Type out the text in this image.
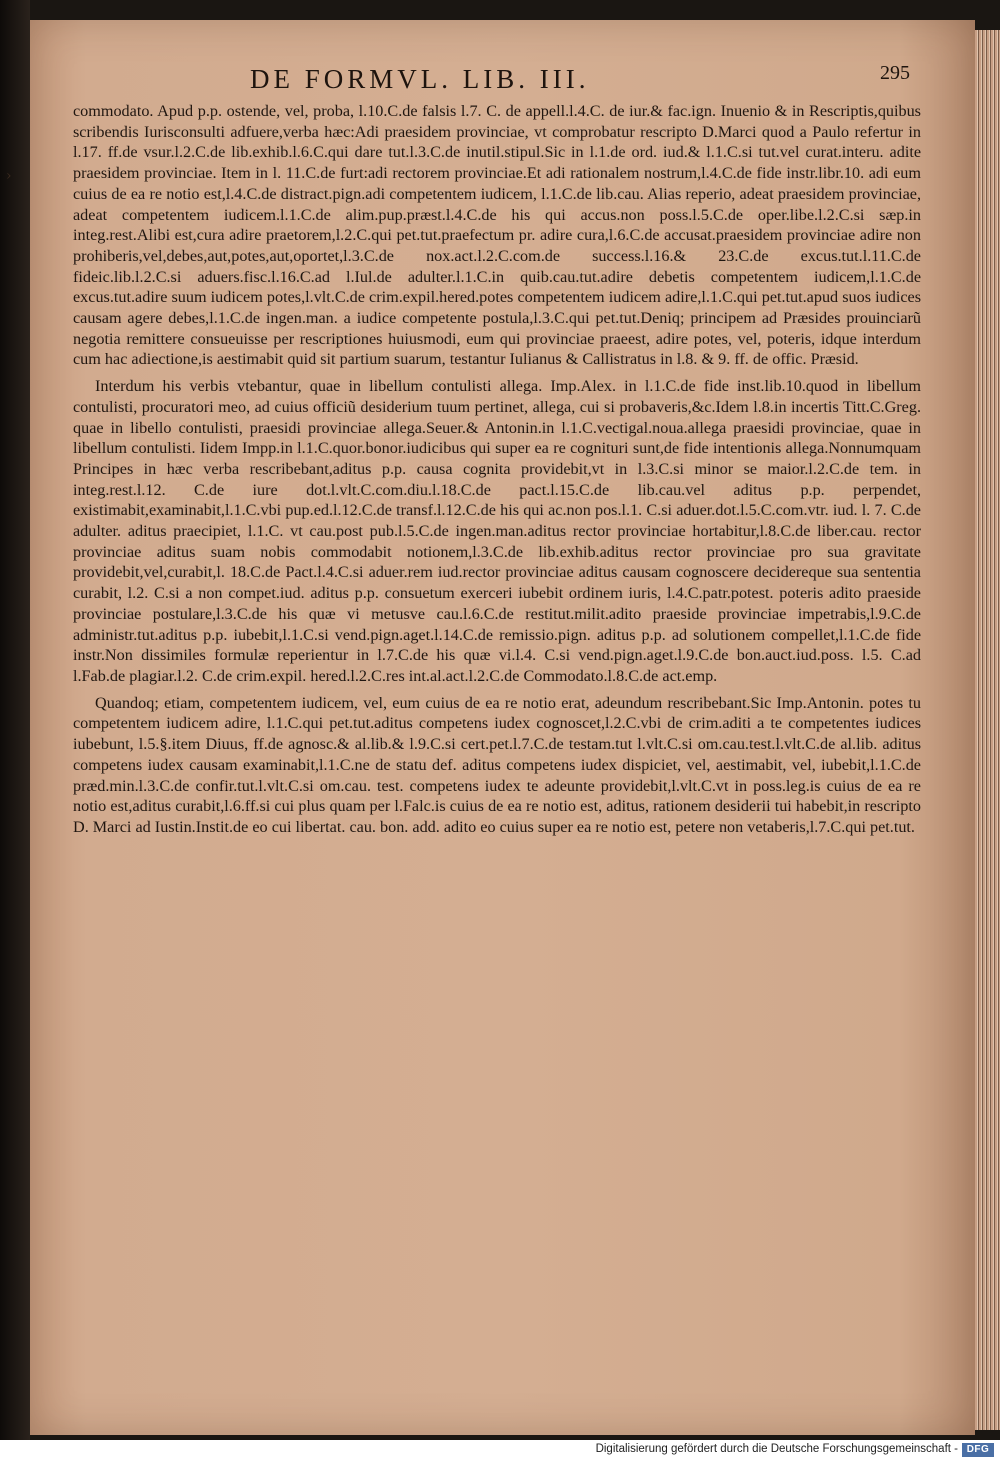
DE FORMVL. LIB. III.	295
›

commodato. Apud p.p. ostende, vel, proba, l.10.C.de falsis l.7. C. de appell.l.4.C. de iur.& fac.ign. Inuenio & in Rescriptis,quibus scribendis Iurisconsulti adfuere,verba hæc:Adi praesidem provinciae, vt comprobatur rescripto D.Marci quod a Paulo refertur in l.17. ff.de vsur.l.2.C.de lib.exhib.l.6.C.qui dare tut.l.3.C.de inutil.stipul.Sic in l.1.de ord. iud.& l.1.C.si tut.vel curat.interu. adite praesidem provinciae. Item in l. 11.C.de furt:adi rectorem provinciae.Et adi rationalem nostrum,l.4.C.de fide instr.libr.10. adi eum cuius de ea re notio est,l.4.C.de distract.pign.adi competentem iudicem, l.1.C.de lib.cau. Alias reperio, adeat praesidem provinciae, adeat competentem iudicem.l.1.C.de alim.pup.præst.l.4.C.de his qui accus.non poss.l.5.C.de oper.libe.l.2.C.si sæp.in integ.rest.Alibi est,cura adire praetorem,l.2.C.qui pet.tut.praefectum pr. adire cura,l.6.C.de accusat.praesidem provinciae adire non prohiberis,vel,debes,aut,potes,aut,oportet,l.3.C.de nox.act.l.2.C.com.de success.l.16.& 23.C.de excus.tut.l.11.C.de fideic.lib.l.2.C.si aduers.fisc.l.16.C.ad l.Iul.de adulter.l.1.C.in quib.cau.tut.adire debetis competentem iudicem,l.1.C.de excus.tut.adire suum iudicem potes,l.vlt.C.de crim.expil.hered.potes competentem iudicem adire,l.1.C.qui pet.tut.apud suos iudices causam agere debes,l.1.C.de ingen.man. a iudice competente postula,l.3.C.qui pet.tut.Deniq; principem ad Præsides prouinciarũ negotia remittere consueuisse per rescriptiones huiusmodi, eum qui provinciae praeest, adire potes, vel, poteris, idque interdum cum hac adiectione,is aestimabit quid sit partium suarum, testantur Iulianus & Callistratus in l.8. & 9. ff. de offic. Præsid.

Interdum his verbis vtebantur, quae in libellum contulisti allega. Imp.Alex. in l.1.C.de fide inst.lib.10.quod in libellum contulisti, procuratori meo, ad cuius officiũ desiderium tuum pertinet, allega, cui si probaveris,&c.Idem l.8.in incertis Titt.C.Greg. quae in libello contulisti, praesidi provinciae allega.Seuer.& Antonin.in l.1.C.vectigal.noua.allega praesidi provinciae, quae in libellum contulisti. Iidem Impp.in l.1.C.quor.bonor.iudicibus qui super ea re cognituri sunt,de fide intentionis allega.Nonnumquam Principes in hæc verba rescribebant,aditus p.p. causa cognita providebit,vt in l.3.C.si minor se maior.l.2.C.de tem. in integ.rest.l.12. C.de iure dot.l.vlt.C.com.diu.l.18.C.de pact.l.15.C.de lib.cau.vel aditus p.p. perpendet, existimabit,examinabit,l.1.C.vbi pup.ed.l.12.C.de transf.l.12.C.de his qui ac.non pos.l.1. C.si aduer.dot.l.5.C.com.vtr. iud. l. 7. C.de adulter. aditus praecipiet, l.1.C. vt cau.post pub.l.5.C.de ingen.man.aditus rector provinciae hortabitur,l.8.C.de liber.cau. rector provinciae aditus suam nobis commodabit notionem,l.3.C.de lib.exhib.aditus rector provinciae pro sua gravitate providebit,vel,curabit,l. 18.C.de Pact.l.4.C.si aduer.rem iud.rector provinciae aditus causam cognoscere decidereque sua sententia curabit, l.2. C.si a non compet.iud. aditus p.p. consuetum exerceri iubebit ordinem iuris, l.4.C.patr.potest. poteris adito praeside provinciae postulare,l.3.C.de his quæ vi metusve cau.l.6.C.de restitut.milit.adito praeside provinciae impetrabis,l.9.C.de administr.tut.aditus p.p. iubebit,l.1.C.si vend.pign.aget.l.14.C.de remissio.pign. aditus p.p. ad solutionem compellet,l.1.C.de fide instr.Non dissimiles formulæ reperientur in l.7.C.de his quæ vi.l.4. C.si vend.pign.aget.l.9.C.de bon.auct.iud.poss. l.5. C.ad l.Fab.de plagiar.l.2. C.de crim.expil. hered.l.2.C.res int.al.act.l.2.C.de Commodato.l.8.C.de act.emp.

Quandoq; etiam, competentem iudicem, vel, eum cuius de ea re notio erat, adeundum rescribebant.Sic Imp.Antonin. potes tu competentem iudicem adire, l.1.C.qui pet.tut.aditus competens iudex cognoscet,l.2.C.vbi de crim.aditi a te competentes iudices iubebunt, l.5.§.item Diuus, ff.de agnosc.& al.lib.& l.9.C.si cert.pet.l.7.C.de testam.tut l.vlt.C.si om.cau.test.l.vlt.C.de al.lib. aditus competens iudex causam examinabit,l.1.C.ne de statu def. aditus competens iudex dispiciet, vel, aestimabit, vel, iubebit,l.1.C.de præd.min.l.3.C.de confir.tut.l.vlt.C.si om.cau. test. competens iudex te adeunte providebit,l.vlt.C.vt in poss.leg.is cuius de ea re notio est,aditus curabit,l.6.ff.si cui plus quam per l.Falc.is cuius de ea re notio est, aditus, rationem desiderii tui habebit,in rescripto D. Marci ad Iustin.Instit.de eo cui libertat. cau. bon. add. adito eo cuius super ea re notio est, petere non vetaberis,l.7.C.qui pet.tut.

Digitalisierung gefördert durch die Deutsche Forschungsgemeinschaft - DFG
